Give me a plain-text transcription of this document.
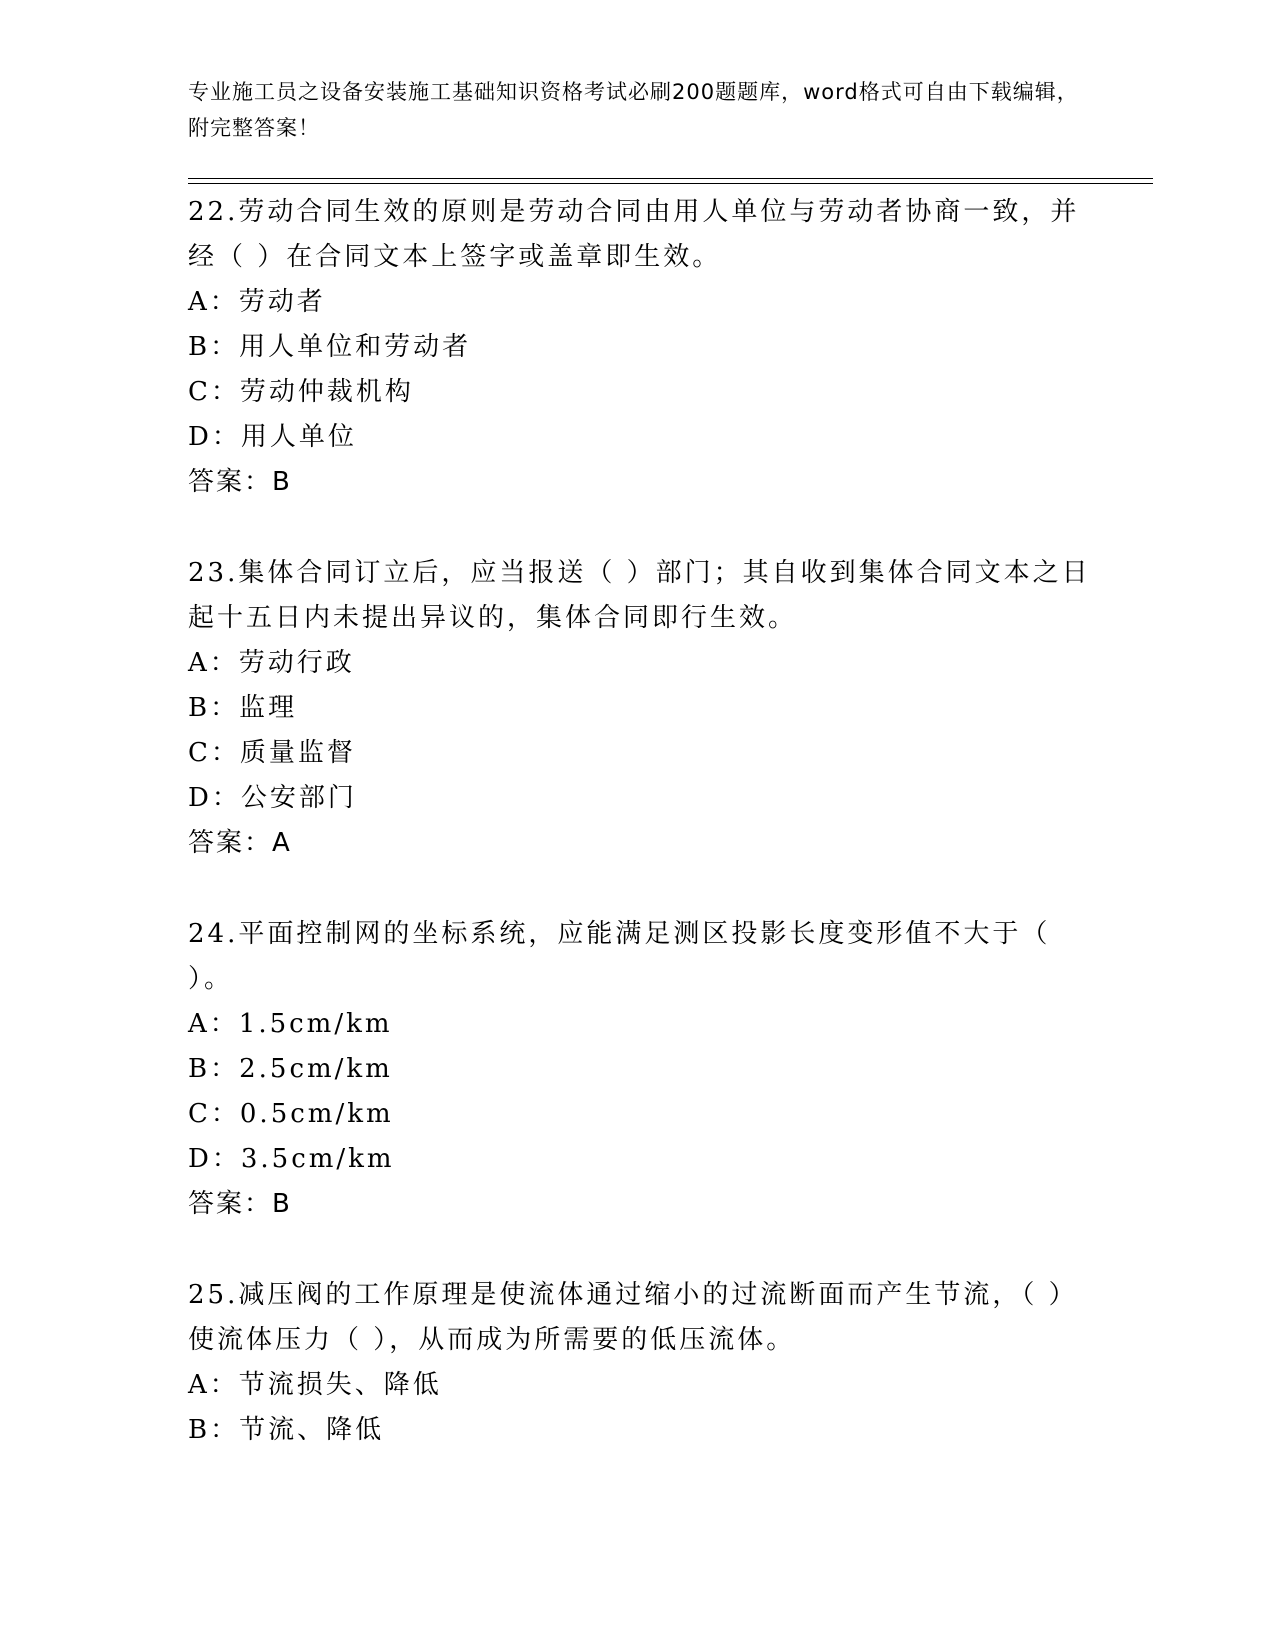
专业施工员之设备安装施工基础知识资格考试必刷200题题库，word格式可自由下载编辑，附完整答案！

22.劳动合同生效的原则是劳动合同由用人单位与劳动者协商一致，并经（ ）在合同文本上签字或盖章即生效。

A：劳动者

B：用人单位和劳动者

C：劳动仲裁机构

D：用人单位

答案：B

23.集体合同订立后，应当报送（ ）部门；其自收到集体合同文本之日起十五日内未提出异议的，集体合同即行生效。

A：劳动行政

B：监理

C：质量监督

D：公安部门

答案：A

24.平面控制网的坐标系统，应能满足测区投影长度变形值不大于（ ）。

A：1.5cm/km

B：2.5cm/km

C：0.5cm/km

D：3.5cm/km

答案：B

25.减压阀的工作原理是使流体通过缩小的过流断面而产生节流，（ ）使流体压力（ ），从而成为所需要的低压流体。

A：节流损失、降低

B：节流、降低
